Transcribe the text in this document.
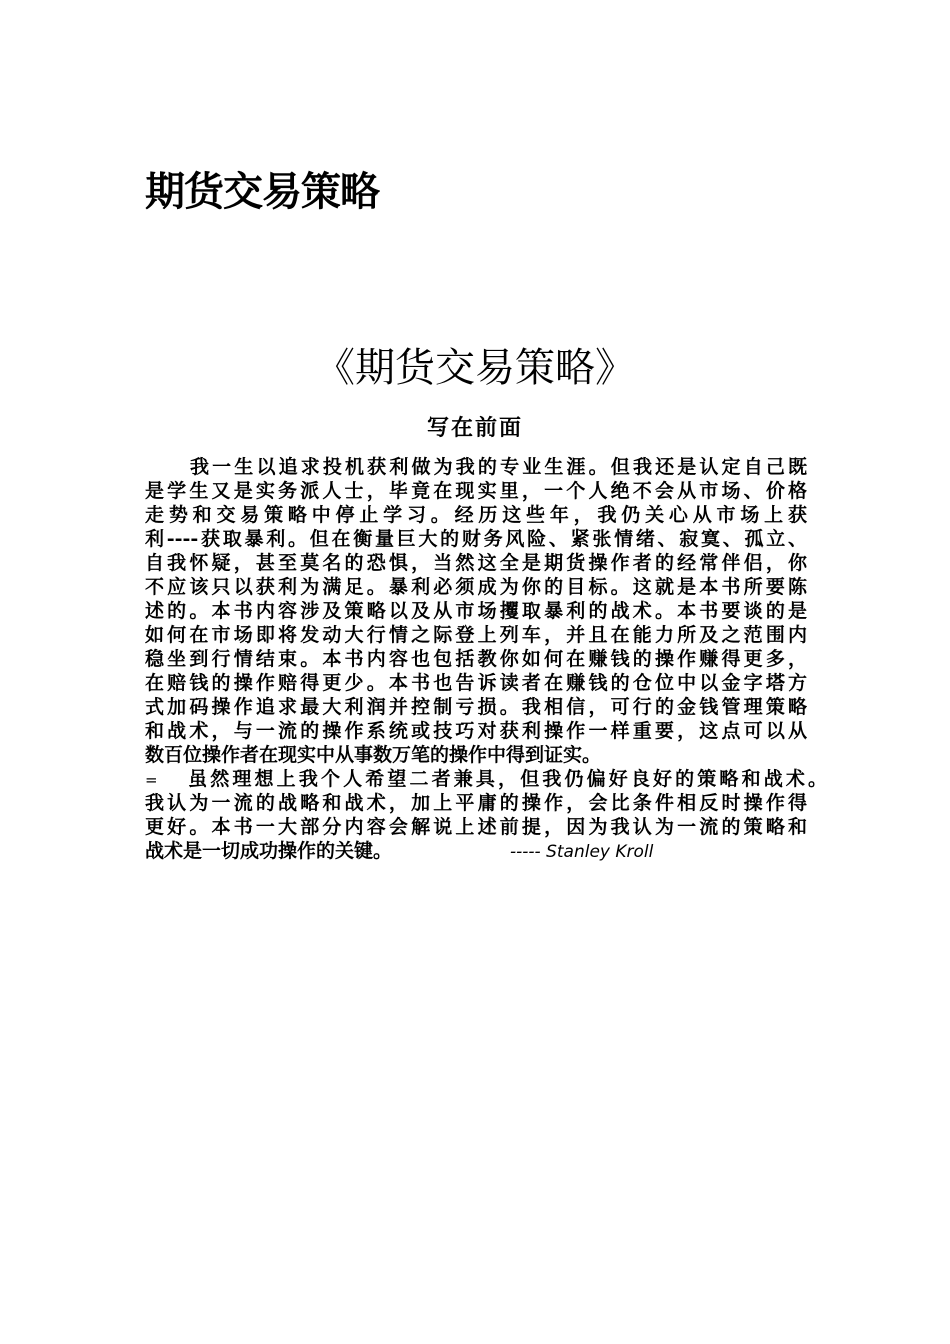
期货交易策略
《期货交易策略》
写在前面

我一生以追求投机获利做为我的专业生涯。但我还是认定自己既

是学生又是实务派人士，毕竟在现实里，一个人绝不会从市场、价格

走势和交易策略中停止学习。经历这些年，我仍关心从市场上获

利----获取暴利。但在衡量巨大的财务风险、紧张情绪、寂寞、孤立、

自我怀疑，甚至莫名的恐惧，当然这全是期货操作者的经常伴侣，你

不应该只以获利为满足。暴利必须成为你的目标。这就是本书所要陈

述的。本书内容涉及策略以及从市场攫取暴利的战术。本书要谈的是

如何在市场即将发动大行情之际登上列车，并且在能力所及之范围内

稳坐到行情结束。本书内容也包括教你如何在赚钱的操作赚得更多，

在赔钱的操作赔得更少。本书也告诉读者在赚钱的仓位中以金字塔方

式加码操作追求最大利润并控制亏损。我相信，可行的金钱管理策略

和战术，与一流的操作系统或技巧对获利操作一样重要，这点可以从

数百位操作者在现实中从事数万笔的操作中得到证实。

= 虽然理想上我个人希望二者兼具，但我仍偏好良好的策略和战术。

我认为一流的战略和战术，加上平庸的操作，会比条件相反时操作得

更好。本书一大部分内容会解说上述前提，因为我认为一流的策略和

战术是一切成功操作的关键。	----- Stanley Kroll
